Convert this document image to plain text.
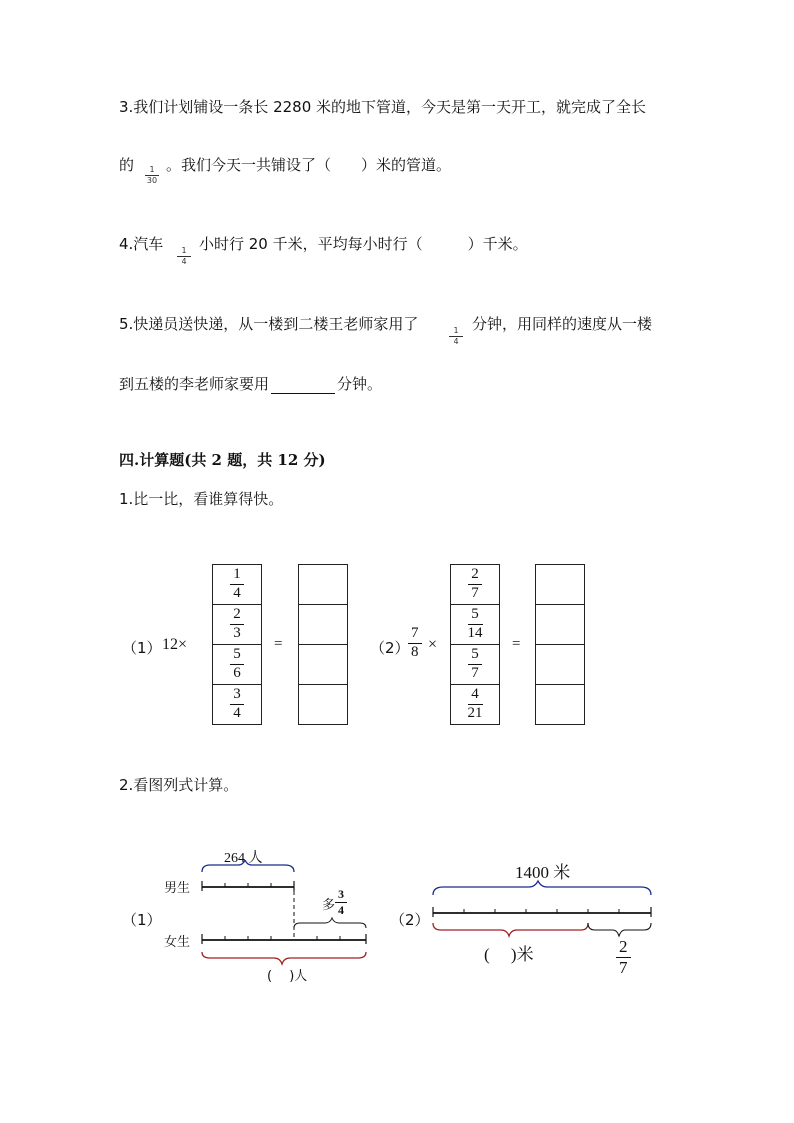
3.我们计划铺设一条长 2280 米的地下管道，今天是第一天开工，就完成了全长
的
$\frac{1}{30}$
。我们今天一共铺设了（　　）米的管道。
4.汽车
$\frac{1}{4}$
小时行 20 千米，平均每小时行（　　　）千米。
5.快递员送快递，从一楼到二楼王老师家用了
$\frac{1}{4}$
分钟，用同样的速度从一楼
到五楼的李老师家要用	分钟。
四.计算题(共 2 题，共 12 分)
1.比一比，看谁算得快。
（1） 12×
$\frac{1}{4}$
$\frac{2}{3}$
$\frac{5}{6}$
$\frac{3}{4}$
=	（2）
$\frac{7}{8}$ ×
$\frac{2}{7}$
$\frac{5}{14}$
$\frac{5}{7}$
$\frac{4}{21}$
=
2.看图列式计算。
（1）
264 人
男生
女生
多 $\frac{3}{4}$
(　 )人
（2）
1400 米
(　 )米	$\frac{2}{7}$
